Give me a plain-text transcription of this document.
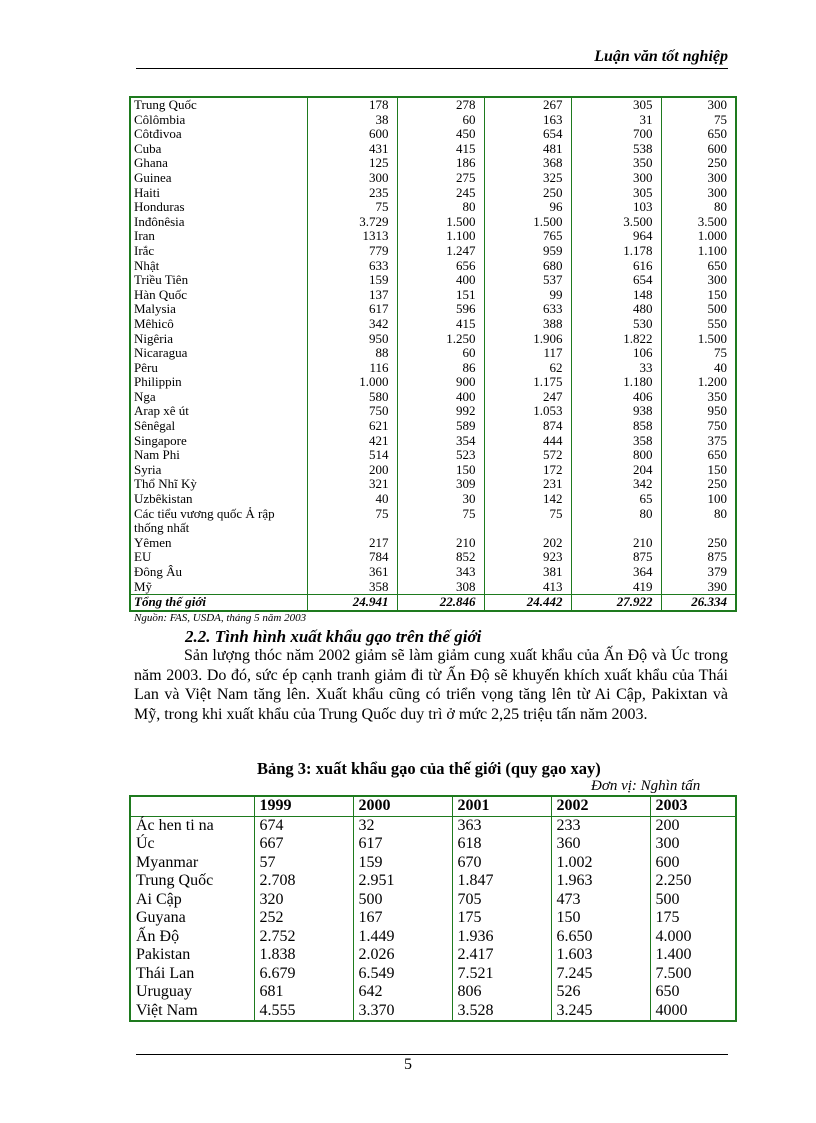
Luận văn tốt nghiệp
Trung Quốc	178	278	267	305	300
Côlômbia	38	60	163	31	75
Côtđivoa	600	450	654	700	650
Cuba	431	415	481	538	600
Ghana	125	186	368	350	250
Guinea	300	275	325	300	300
Haiti	235	245	250	305	300
Honduras	75	80	96	103	80
Inđônêsia	3.729	1.500	1.500	3.500	3.500
Iran	1313	1.100	765	964	1.000
Irắc	779	1.247	959	1.178	1.100
Nhật	633	656	680	616	650
Triều Tiên	159	400	537	654	300
Hàn Quốc	137	151	99	148	150
Malysia	617	596	633	480	500
Mêhicô	342	415	388	530	550
Nigêria	950	1.250	1.906	1.822	1.500
Nicaragua	88	60	117	106	75
Pêru	116	86	62	33	40
Philippin	1.000	900	1.175	1.180	1.200
Nga	580	400	247	406	350
Arap xê út	750	992	1.053	938	950
Sênêgal	621	589	874	858	750
Singapore	421	354	444	358	375
Nam Phi	514	523	572	800	650
Syria	200	150	172	204	150
Thổ Nhĩ Kỳ	321	309	231	342	250
Uzbêkistan	40	30	142	65	100
Các tiểu vương quốc Ả rập thống nhất	75	75	75	80	80
Yêmen	217	210	202	210	250
EU	784	852	923	875	875
Đông Âu	361	343	381	364	379
Mỹ	358	308	413	419	390
Tổng thế giới	24.941	22.846	24.442	27.922	26.334
Nguồn: FAS, USDA, tháng 5 năm 2003
2.2. Tình hình xuất khẩu gạo trên thế giới

Sản lượng thóc năm 2002 giảm sẽ làm giảm cung xuất khẩu của Ấn Độ và Úc trong năm 2003. Do đó, sức ép cạnh tranh giảm đi từ Ấn Độ sẽ khuyến khích xuất khẩu của Thái Lan và Việt Nam tăng lên. Xuất khẩu cũng có triển vọng tăng lên từ Ai Cập, Pakixtan và Mỹ, trong khi xuất khẩu của Trung Quốc duy trì ở mức 2,25 triệu tấn năm 2003.

Bảng 3: xuất khẩu gạo của thế giới (quy gạo xay)
Đơn vị: Nghìn tấn
	1999	2000	2001	2002	2003
Ác hen ti na	674	32	363	233	200
Úc	667	617	618	360	300
Myanmar	57	159	670	1.002	600
Trung Quốc	2.708	2.951	1.847	1.963	2.250
Ai Cập	320	500	705	473	500
Guyana	252	167	175	150	175
Ấn Độ	2.752	1.449	1.936	6.650	4.000
Pakistan	1.838	2.026	2.417	1.603	1.400
Thái Lan	6.679	6.549	7.521	7.245	7.500
Uruguay	681	642	806	526	650
Việt Nam	4.555	3.370	3.528	3.245	4000
5
